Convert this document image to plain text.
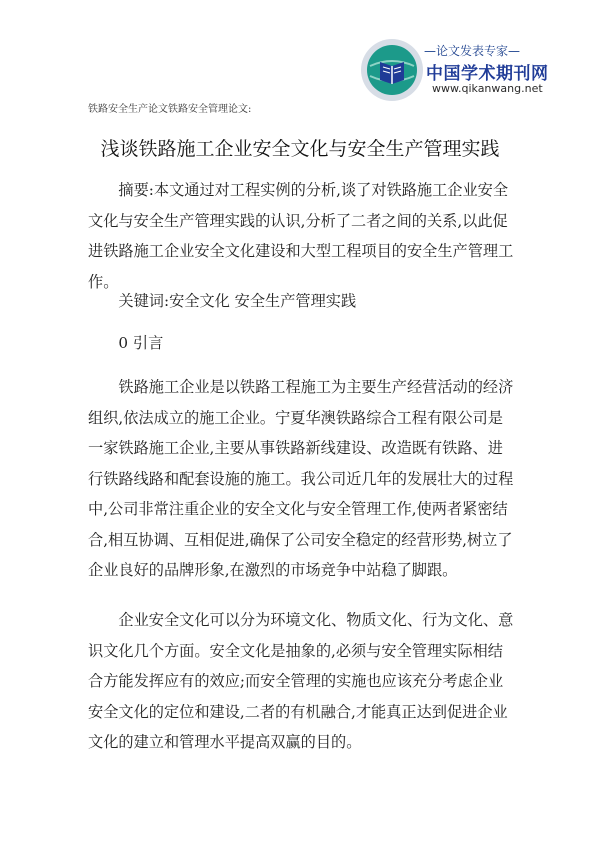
—论文发表专家—
中国学术期刊网
www.qikanwang.net
铁路安全生产论文铁路安全管理论文:
浅谈铁路施工企业安全文化与安全生产管理实践

摘要:本文通过对工程实例的分析,谈了对铁路施工企业安全文化与安全生产管理实践的认识,分析了二者之间的关系,以此促进铁路施工企业安全文化建设和大型工程项目的安全生产管理工作。

关键词:安全文化 安全生产管理实践

0 引言

铁路施工企业是以铁路工程施工为主要生产经营活动的经济组织,依法成立的施工企业。宁夏华澳铁路综合工程有限公司是一家铁路施工企业,主要从事铁路新线建设、改造既有铁路、进行铁路线路和配套设施的施工。我公司近几年的发展壮大的过程中,公司非常注重企业的安全文化与安全管理工作,使两者紧密结合,相互协调、互相促进,确保了公司安全稳定的经营形势,树立了企业良好的品牌形象,在激烈的市场竞争中站稳了脚跟。

企业安全文化可以分为环境文化、物质文化、行为文化、意识文化几个方面。安全文化是抽象的,必须与安全管理实际相结合方能发挥应有的效应;而安全管理的实施也应该充分考虑企业安全文化的定位和建设,二者的有机融合,才能真正达到促进企业文化的建立和管理水平提高双赢的目的。
